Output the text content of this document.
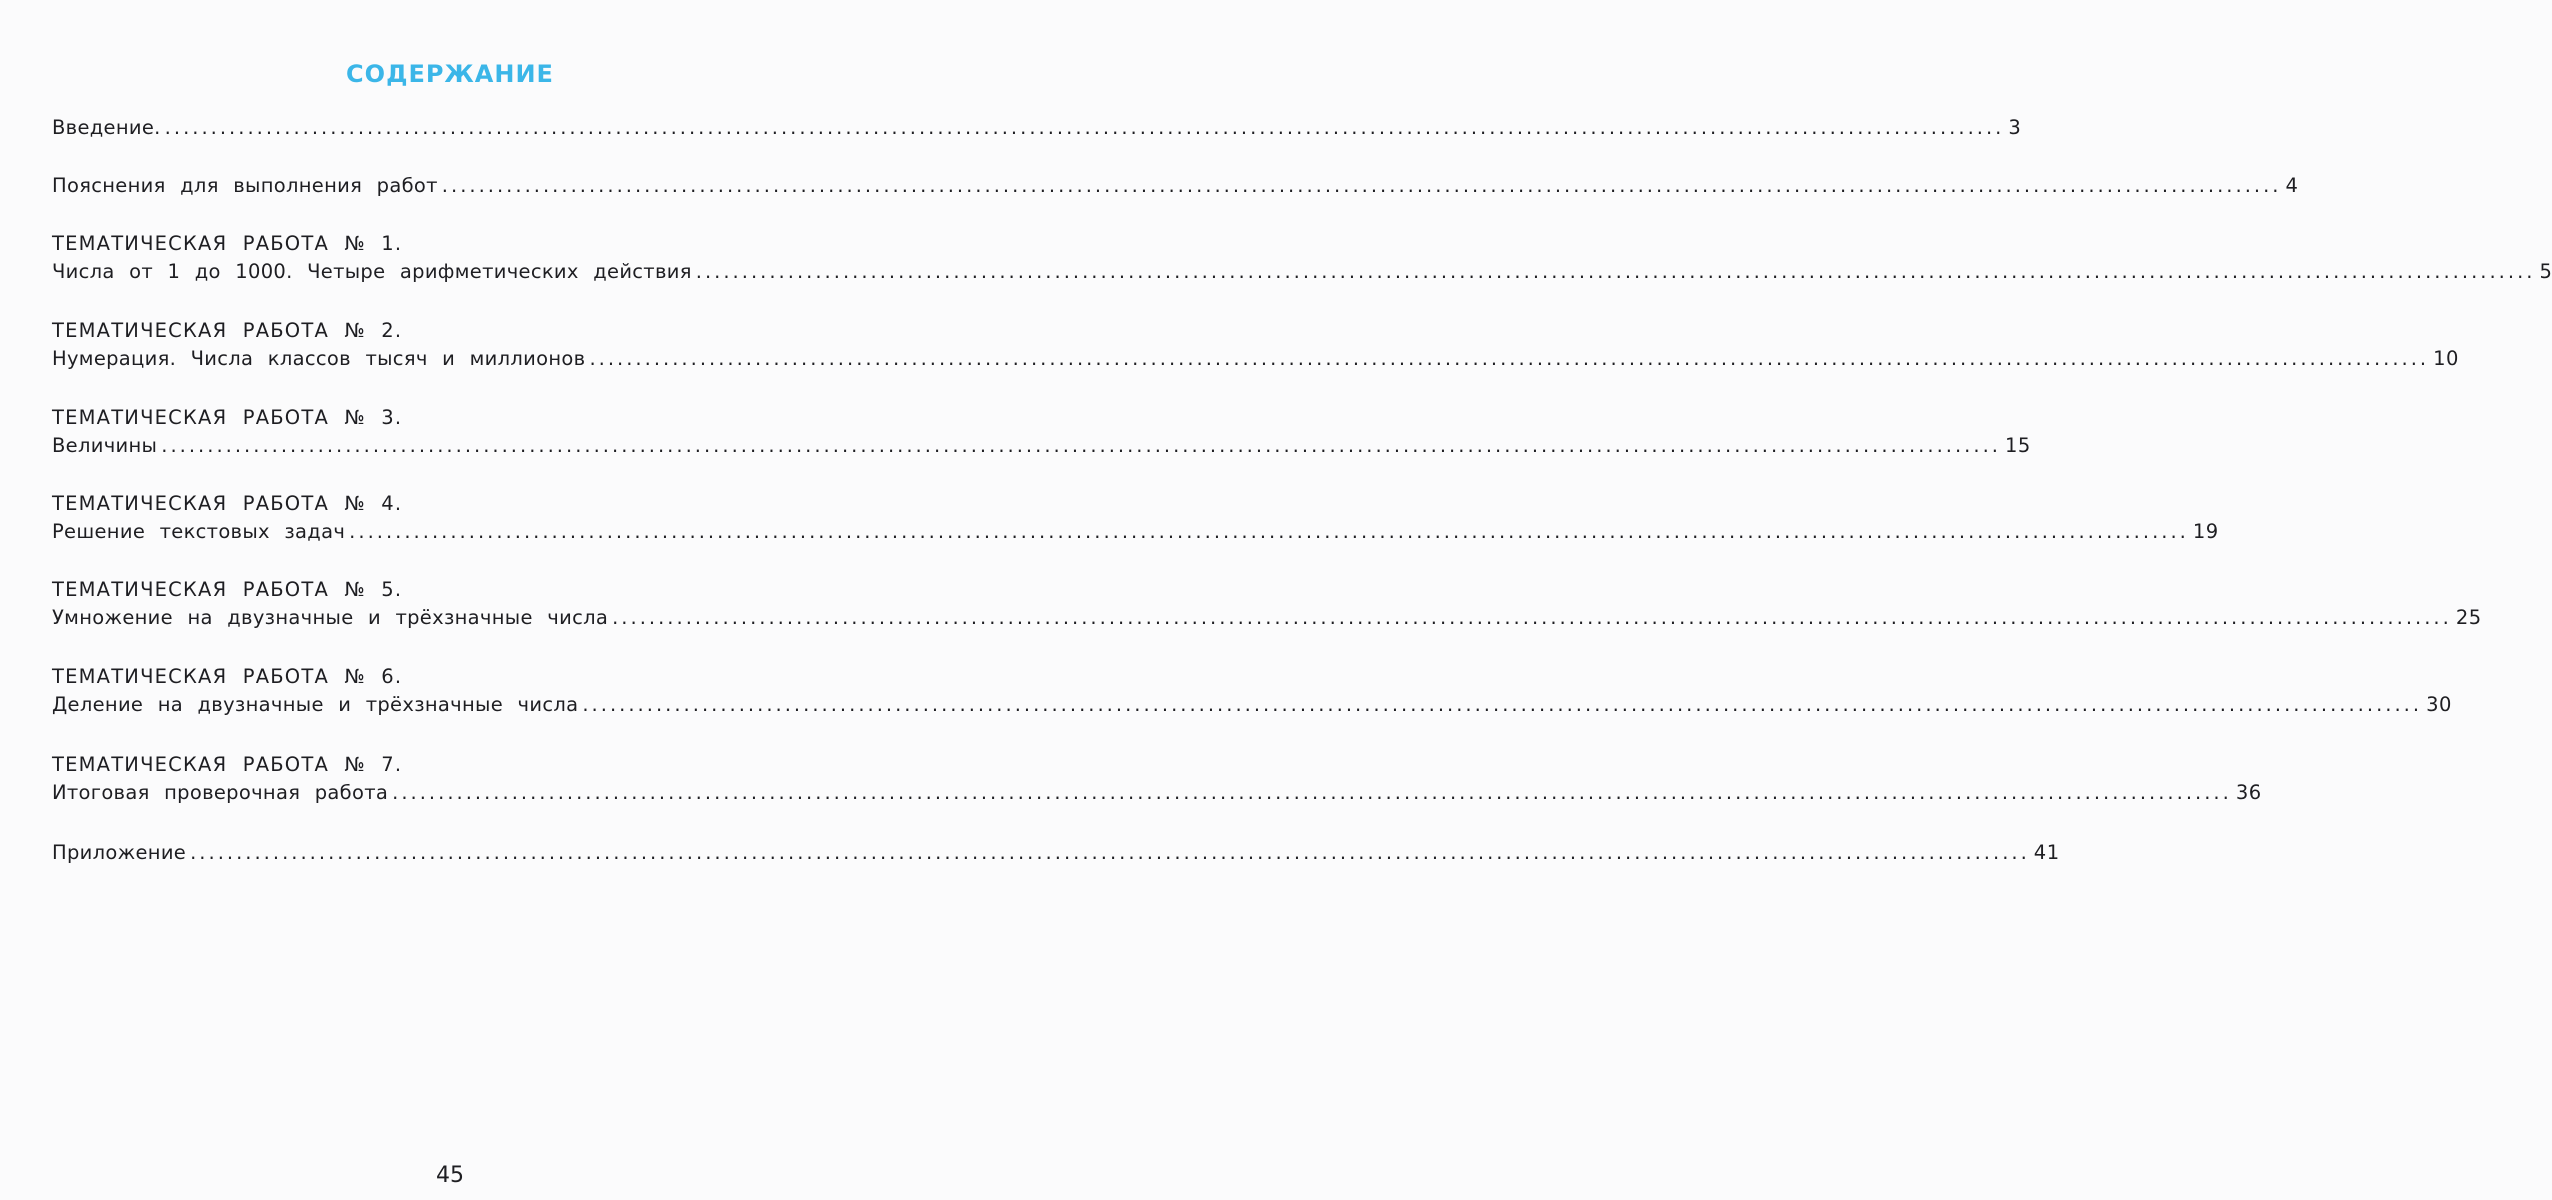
СОДЕРЖАНИЕ
Введение. ........................................................................................................................................................................................................ 3
Пояснения для выполнения работ ........................................................................................................................................................................................................ 4
ТЕМАТИЧЕСКАЯ РАБОТА № 1.
Числа от 1 до 1000. Четыре арифметических действия ........................................................................................................................................................................................................ 5
ТЕМАТИЧЕСКАЯ РАБОТА № 2.
Нумерация. Числа классов тысяч и миллионов ........................................................................................................................................................................................................ 10
ТЕМАТИЧЕСКАЯ РАБОТА № 3.
Величины ........................................................................................................................................................................................................ 15
ТЕМАТИЧЕСКАЯ РАБОТА № 4.
Решение текстовых задач ........................................................................................................................................................................................................ 19
ТЕМАТИЧЕСКАЯ РАБОТА № 5.
Умножение на двузначные и трёхзначные числа ........................................................................................................................................................................................................ 25
ТЕМАТИЧЕСКАЯ РАБОТА № 6.
Деление на двузначные и трёхзначные числа ........................................................................................................................................................................................................ 30
ТЕМАТИЧЕСКАЯ РАБОТА № 7.
Итоговая проверочная работа ........................................................................................................................................................................................................ 36
Приложение ........................................................................................................................................................................................................ 41
45
